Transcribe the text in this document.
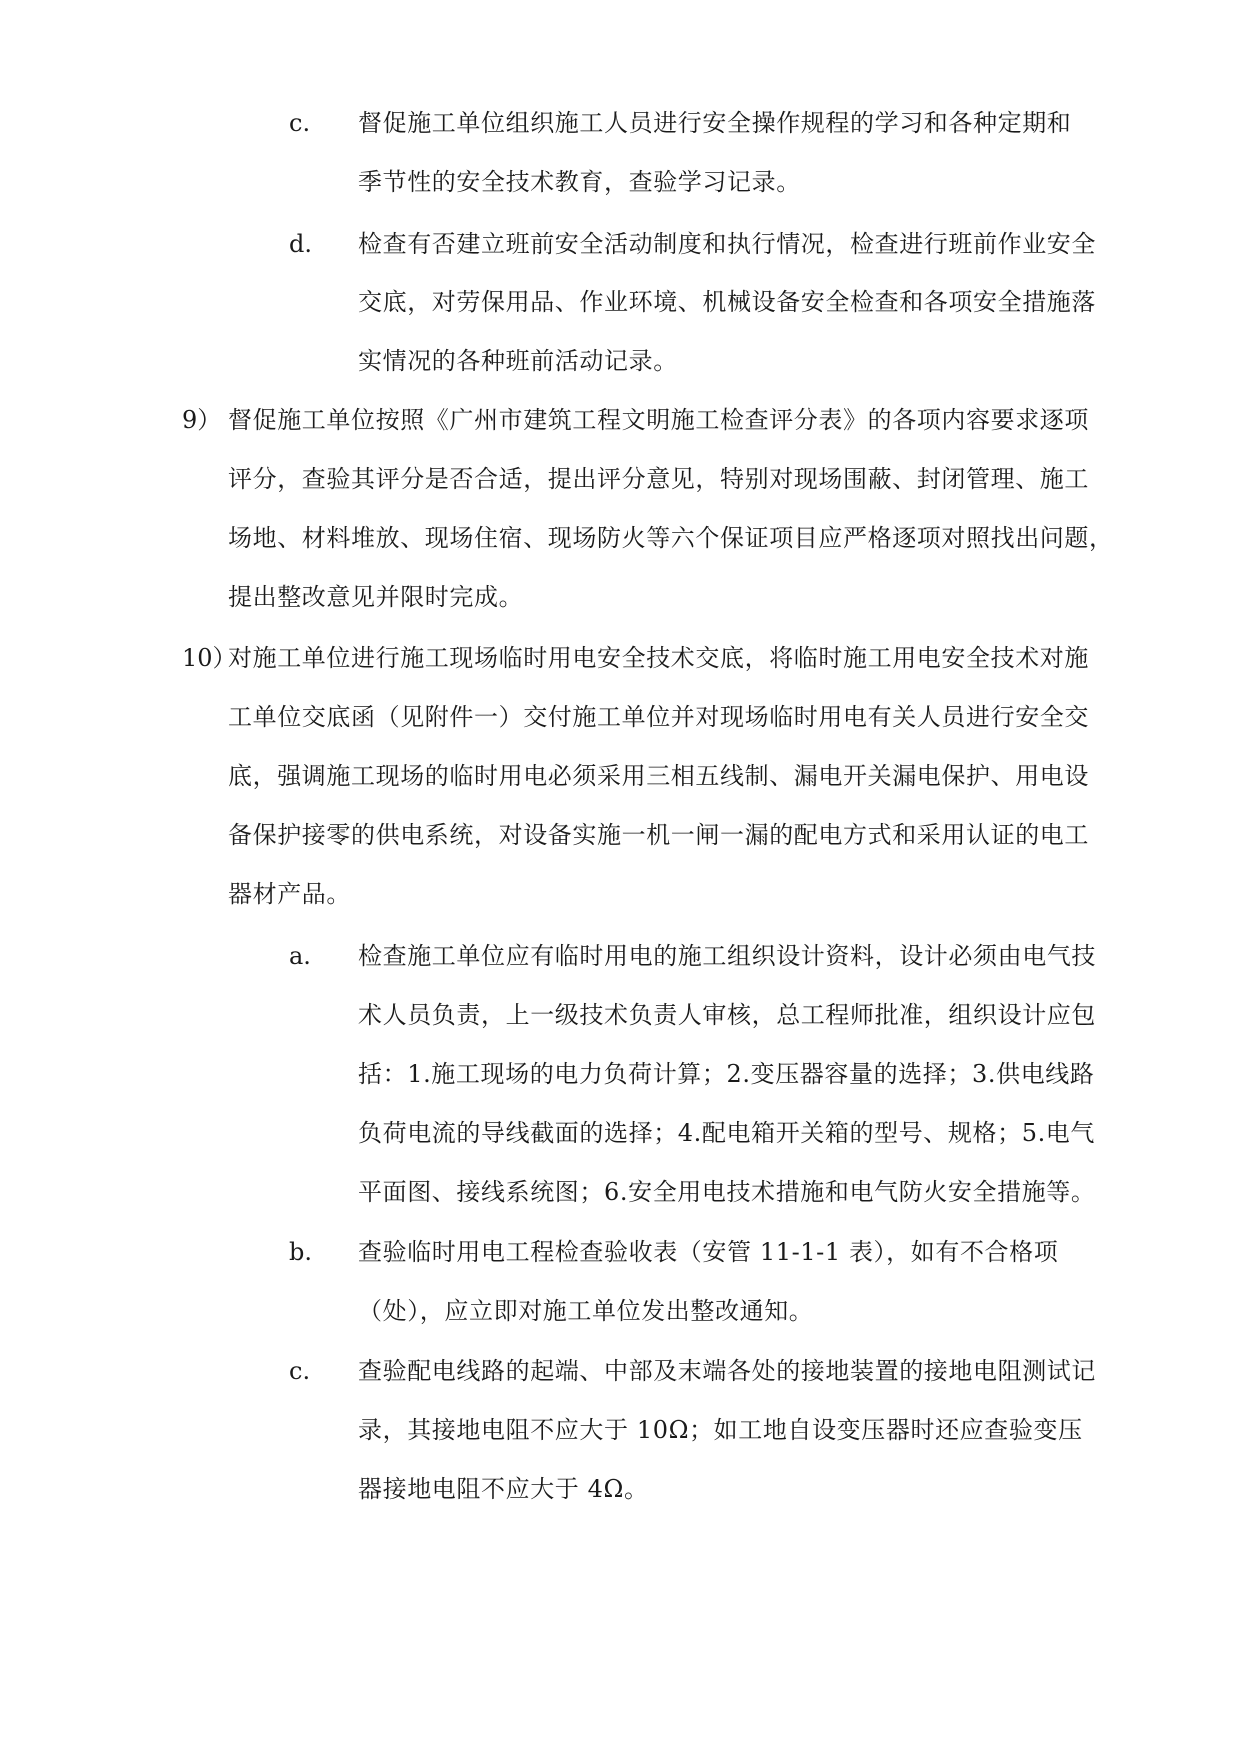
c. 督促施工单位组织施工人员进行安全操作规程的学习和各种定期和
季节性的安全技术教育，查验学习记录。
d. 检查有否建立班前安全活动制度和执行情况，检查进行班前作业安全
交底，对劳保用品、作业环境、机械设备安全检查和各项安全措施落
实情况的各种班前活动记录。
9） 督促施工单位按照《广州市建筑工程文明施工检查评分表》的各项内容要求逐项
评分，查验其评分是否合适，提出评分意见，特别对现场围蔽、封闭管理、施工
场地、材料堆放、现场住宿、现场防火等六个保证项目应严格逐项对照找出问题，
提出整改意见并限时完成。
10）
对施工单位进行施工现场临时用电安全技术交底，将临时施工用电安全技术对施
工单位交底函（见附件一）交付施工单位并对现场临时用电有关人员进行安全交
底，强调施工现场的临时用电必须采用三相五线制、漏电开关漏电保护、用电设
备保护接零的供电系统，对设备实施一机一闸一漏的配电方式和采用认证的电工
器材产品。
a. 检查施工单位应有临时用电的施工组织设计资料，设计必须由电气技
术人员负责，上一级技术负责人审核，总工程师批准，组织设计应包
括：1.施工现场的电力负荷计算；2.变压器容量的选择；3.供电线路
负荷电流的导线截面的选择；4.配电箱开关箱的型号、规格；5.电气
平面图、接线系统图；6.安全用电技术措施和电气防火安全措施等。
b. 查验临时用电工程检查验收表（安管 11-1-1 表），如有不合格项
（处），应立即对施工单位发出整改通知。
c. 查验配电线路的起端、中部及末端各处的接地装置的接地电阻测试记
录，其接地电阻不应大于 10Ω；如工地自设变压器时还应查验变压
器接地电阻不应大于 4Ω。
